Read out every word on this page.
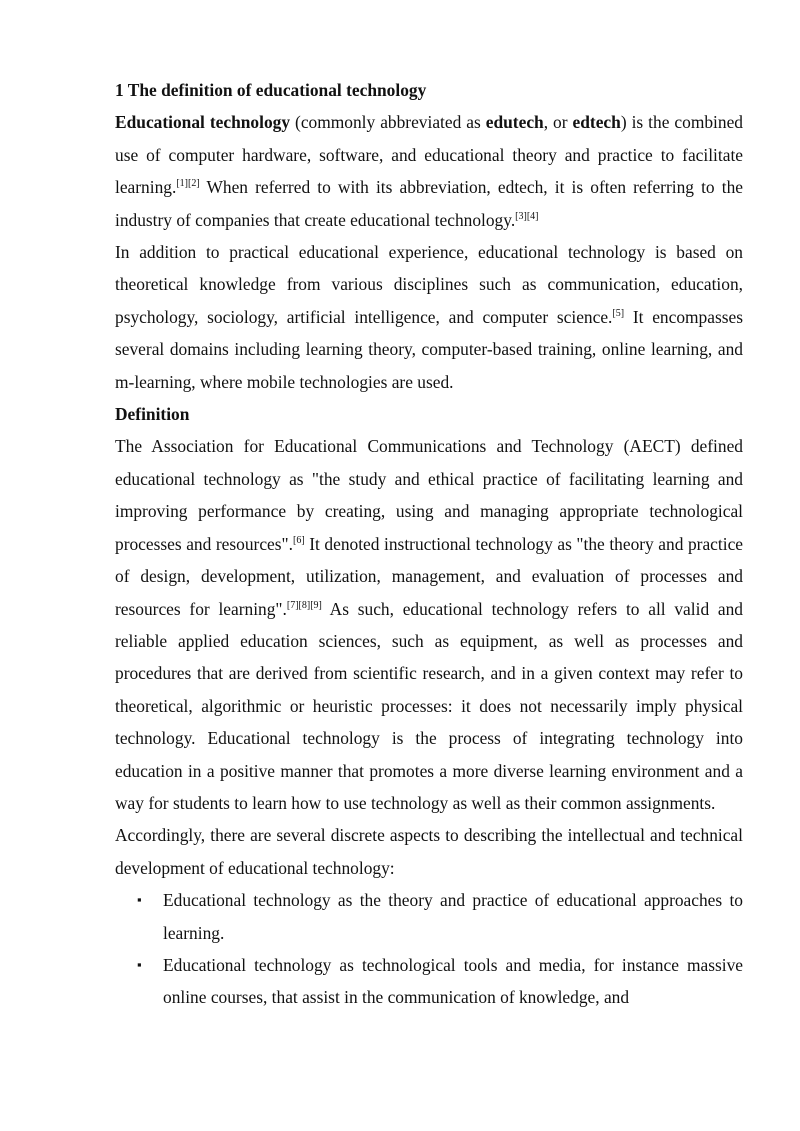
1 The definition of educational technology

Educational technology (commonly abbreviated as edutech, or edtech) is the combined use of computer hardware, software, and educational theory and practice to facilitate learning.[1][2] When referred to with its abbreviation, edtech, it is often referring to the industry of companies that create educational technology.[3][4]

In addition to practical educational experience, educational technology is based on theoretical knowledge from various disciplines such as communication, education, psychology, sociology, artificial intelligence, and computer science.[5] It encompasses several domains including learning theory, computer-based training, online learning, and m-learning, where mobile technologies are used.

Definition

The Association for Educational Communications and Technology (AECT) defined educational technology as "the study and ethical practice of facilitating learning and improving performance by creating, using and managing appropriate technological processes and resources".[6] It denoted instructional technology as "the theory and practice of design, development, utilization, management, and evaluation of processes and resources for learning".[7][8][9] As such, educational technology refers to all valid and reliable applied education sciences, such as equipment, as well as processes and procedures that are derived from scientific research, and in a given context may refer to theoretical, algorithmic or heuristic processes: it does not necessarily imply physical technology. Educational technology is the process of integrating technology into education in a positive manner that promotes a more diverse learning environment and a way for students to learn how to use technology as well as their common assignments.

Accordingly, there are several discrete aspects to describing the intellectual and technical development of educational technology:

▪ Educational technology as the theory and practice of educational approaches to learning.
▪ Educational technology as technological tools and media, for instance massive online courses, that assist in the communication of knowledge, and
